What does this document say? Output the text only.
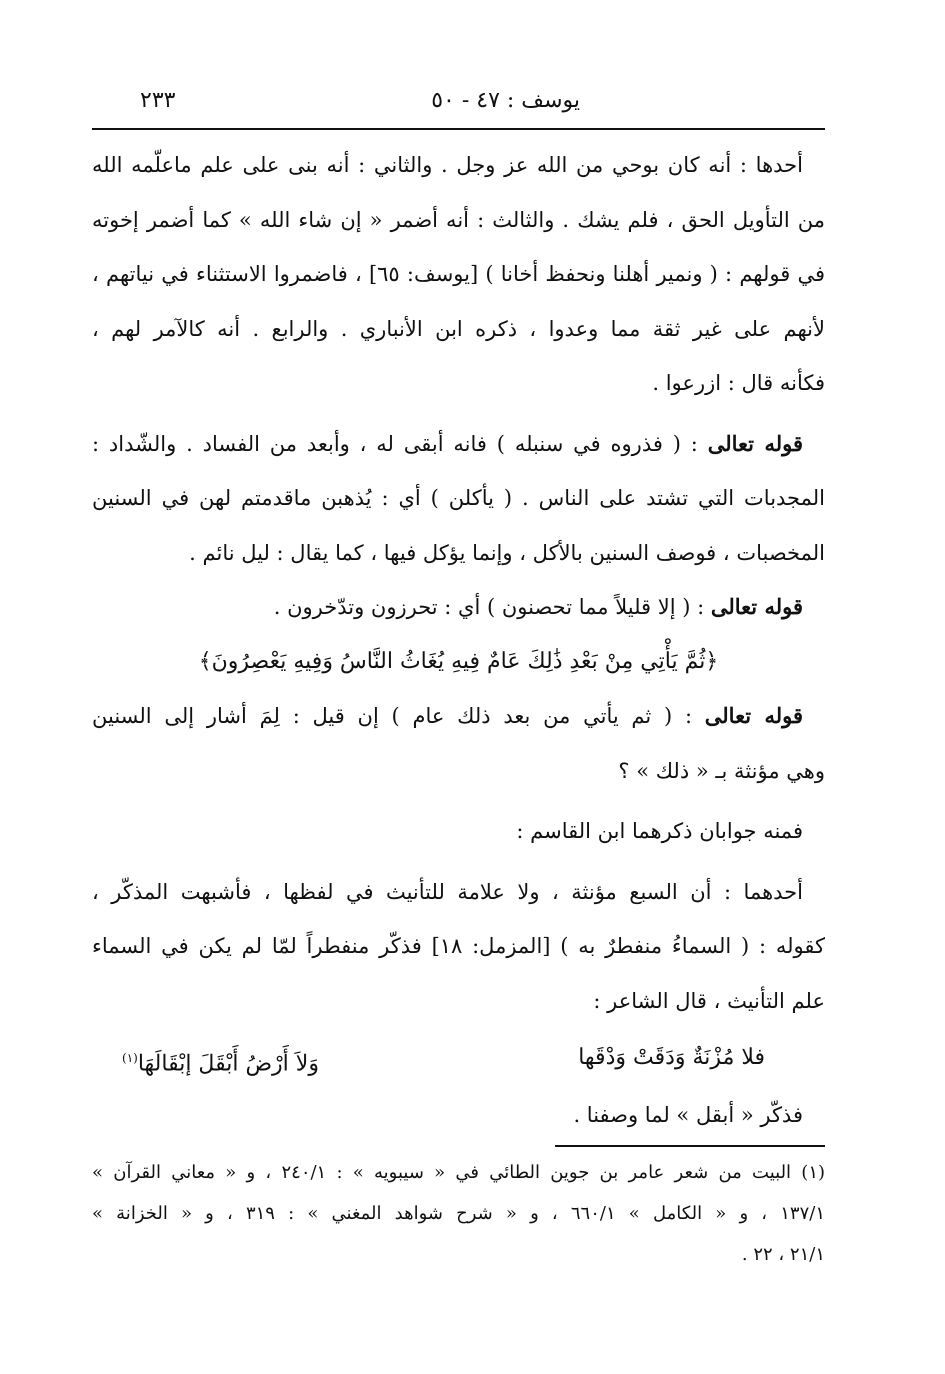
يوسف : ٤٧ - ٥٠
٢٣٣
أحدها : أنه كان بوحي من الله عز وجل . والثاني : أنه بنى على علم ماعلّمه الله
من التأويل الحق ، فلم يشك . والثالث : أنه أضمر « إن شاء الله » كما أضمر إخوته
في قولهم : ( ونمير أهلنا ونحفظ أخانا ) [يوسف: ٦٥] ، فاضمروا الاستثناء في نياتهم ،
لأنهم على غير ثقة مما وعدوا ، ذكره ابن الأنباري . والرابع . أنه كالآمر لهم ،
فكأنه قال : ازرعوا .
قوله تعالى : ( فذروه في سنبله ) فانه أبقى له ، وأبعد من الفساد . والشّداد :
المجدبات التي تشتد على الناس . ( يأكلن ) أي : يُذهبن ماقدمتم لهن في السنين
المخصبات ، فوصف السنين بالأكل ، وإنما يؤكل فيها ، كما يقال : ليل نائم .
قوله تعالى : ( إلا قليلاً مما تحصنون ) أي : تحرزون وتدّخرون .
﴿ثُمَّ يَأْتِي مِنْ بَعْدِ ذَٰلِكَ عَامٌ فِيهِ يُغَاثُ النَّاسُ وَفِيهِ يَعْصِرُونَ﴾
قوله تعالى : ( ثم يأتي من بعد ذلك عام ) إن قيل : لِمَ أشار إلى السنين
وهي مؤنثة بـ « ذلك » ؟
فمنه جوابان ذكرهما ابن القاسم :
أحدهما : أن السبع مؤنثة ، ولا علامة للتأنيث في لفظها ، فأشبهت المذكّر ،
كقوله : ( السماءُ منفطرٌ به ) [المزمل: ١٨] فذكّر منفطراً لمّا لم يكن في السماء
علم التأنيث ، قال الشاعر :
فلا مُزْنَةٌ وَدَقَتْ وَدْقَها
وَلاَ أَرْضُ أَبْقَلَ إبْقَالَهَا$^{(١)}$
فذكّر « أبقل » لما وصفنا .
(١) البيت من شعر عامر بن جوين الطائي في « سيبويه » : ٢٤٠/١ ، و « معاني القرآن »
١٣٧/١ ، و « الكامل » ٦٦٠/١ ، و « شرح شواهد المغني » : ٣١٩ ، و « الخزانة »
٢١/١ ، ٢٢ .
